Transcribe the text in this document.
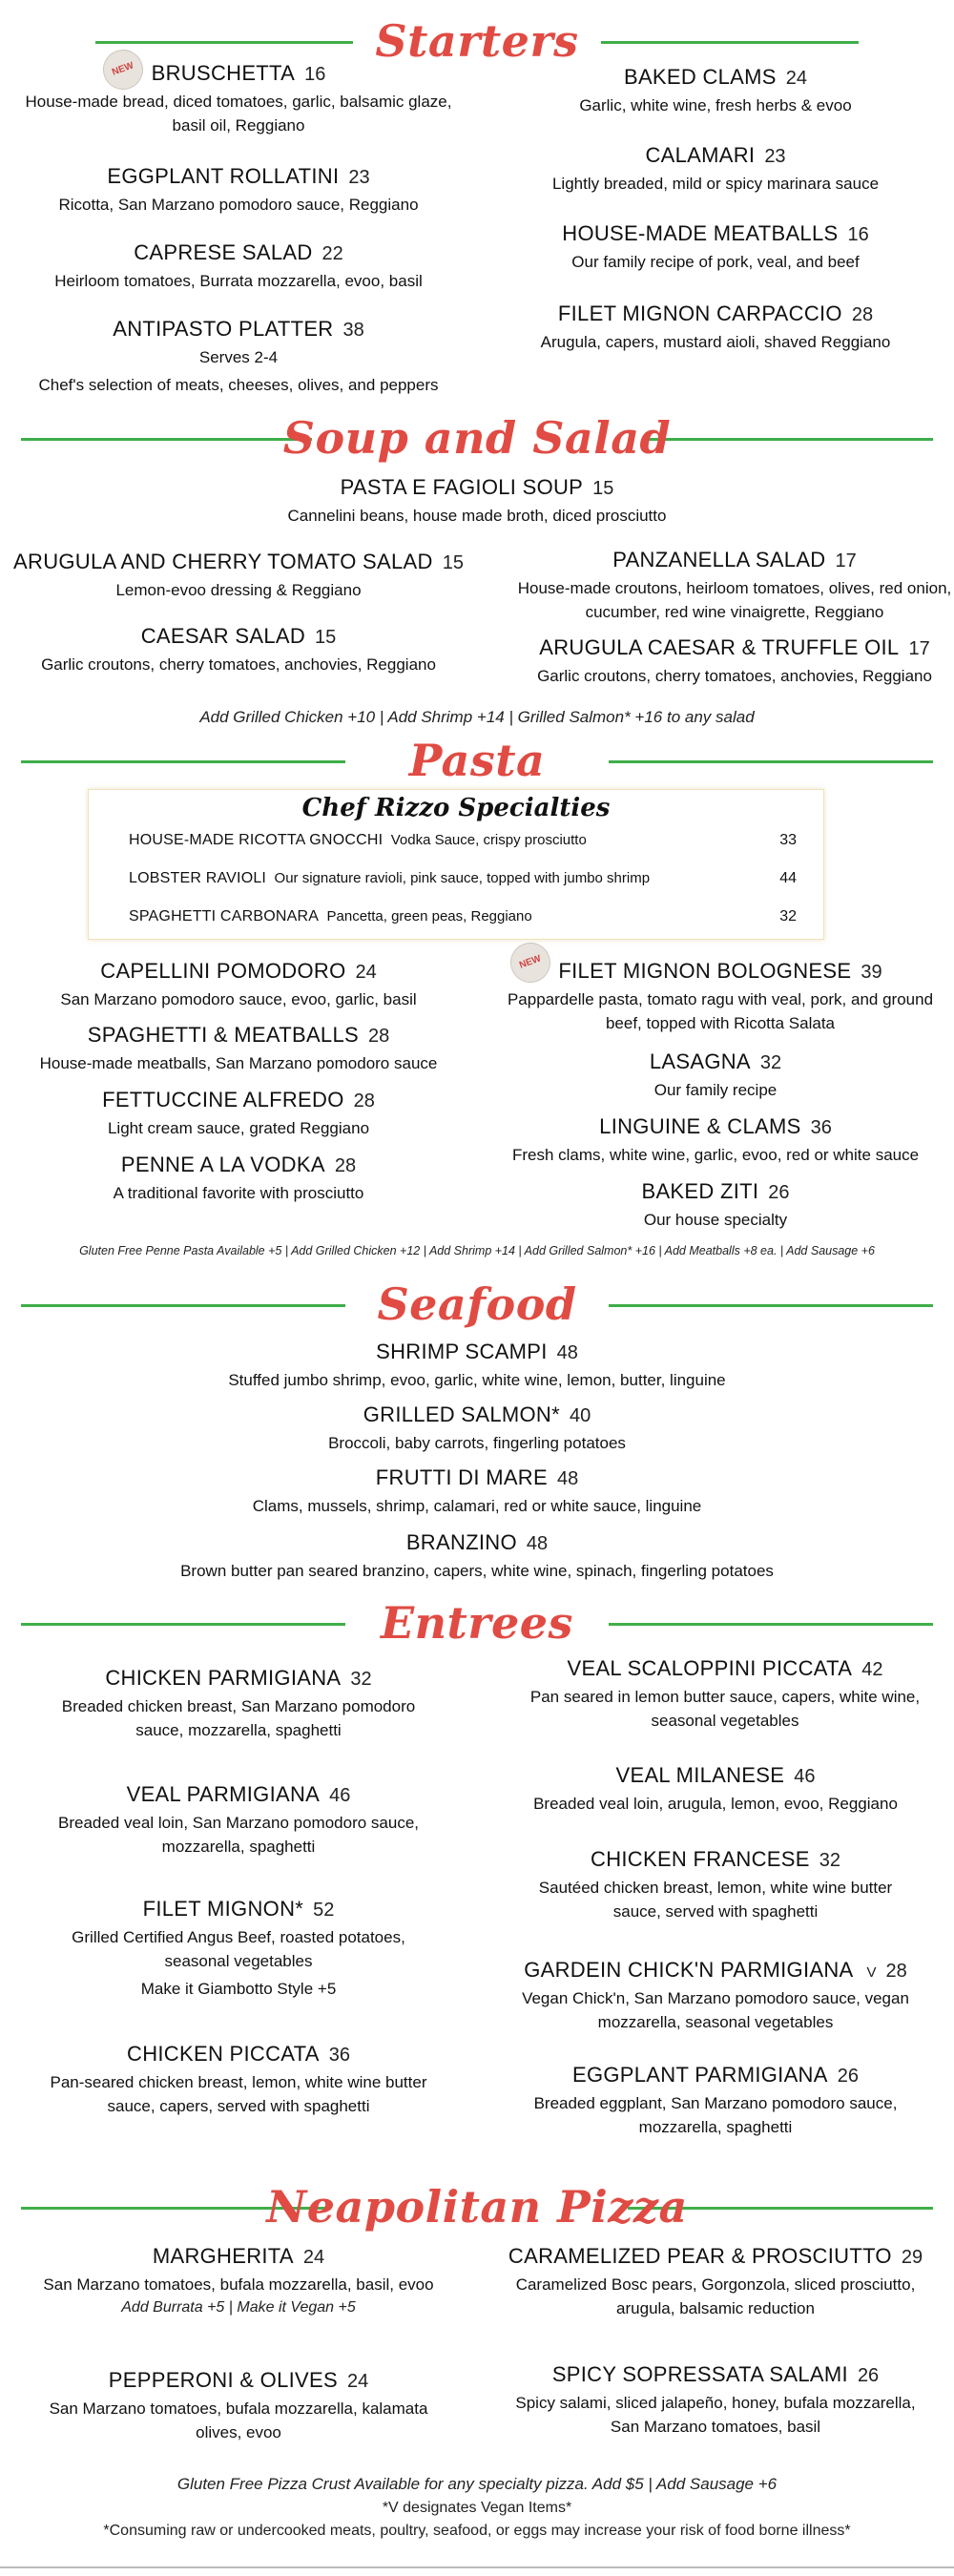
Starters
NEW BRUSCHETTA 16
House-made bread, diced tomatoes, garlic, balsamic glaze, basil oil, Reggiano
EGGPLANT ROLLATINI 23
Ricotta, San Marzano pomodoro sauce, Reggiano
CAPRESE SALAD 22
Heirloom tomatoes, Burrata mozzarella, evoo, basil
ANTIPASTO PLATTER 38
Serves 2-4
Chef's selection of meats, cheeses, olives, and peppers
BAKED CLAMS 24
Garlic, white wine, fresh herbs & evoo
CALAMARI 23
Lightly breaded, mild or spicy marinara sauce
HOUSE-MADE MEATBALLS 16
Our family recipe of pork, veal, and beef
FILET MIGNON CARPACCIO 28
Arugula, capers, mustard aioli, shaved Reggiano
Soup and Salad
PASTA E FAGIOLI SOUP 15
Cannelini beans, house made broth, diced prosciutto
ARUGULA AND CHERRY TOMATO SALAD 15
Lemon-evoo dressing & Reggiano
CAESAR SALAD 15
Garlic croutons, cherry tomatoes, anchovies, Reggiano
PANZANELLA SALAD 17
House-made croutons, heirloom tomatoes, olives, red onion, cucumber, red wine vinaigrette, Reggiano
ARUGULA CAESAR & TRUFFLE OIL 17
Garlic croutons, cherry tomatoes, anchovies, Reggiano
Add Grilled Chicken +10 | Add Shrimp +14 | Grilled Salmon* +16 to any salad
Pasta
Chef Rizzo Specialties
HOUSE-MADE RICOTTA GNOCCHI Vodka Sauce, crispy prosciutto	33
LOBSTER RAVIOLI Our signature ravioli, pink sauce, topped with jumbo shrimp	44
SPAGHETTI CARBONARA Pancetta, green peas, Reggiano	32
CAPELLINI POMODORO 24
San Marzano pomodoro sauce, evoo, garlic, basil
SPAGHETTI & MEATBALLS 28
House-made meatballs, San Marzano pomodoro sauce
FETTUCCINE ALFREDO 28
Light cream sauce, grated Reggiano
PENNE A LA VODKA 28
A traditional favorite with prosciutto
NEW FILET MIGNON BOLOGNESE 39
Pappardelle pasta, tomato ragu with veal, pork, and ground beef, topped with Ricotta Salata
LASAGNA 32
Our family recipe
LINGUINE & CLAMS 36
Fresh clams, white wine, garlic, evoo, red or white sauce
BAKED ZITI 26
Our house specialty
Gluten Free Penne Pasta Available +5 | Add Grilled Chicken +12 | Add Shrimp +14 | Add Grilled Salmon* +16 | Add Meatballs +8 ea. | Add Sausage +6
Seafood
SHRIMP SCAMPI 48
Stuffed jumbo shrimp, evoo, garlic, white wine, lemon, butter, linguine
GRILLED SALMON* 40
Broccoli, baby carrots, fingerling potatoes
FRUTTI DI MARE 48
Clams, mussels, shrimp, calamari, red or white sauce, linguine
BRANZINO 48
Brown butter pan seared branzino, capers, white wine, spinach, fingerling potatoes
Entrees
CHICKEN PARMIGIANA 32
Breaded chicken breast, San Marzano pomodoro sauce, mozzarella, spaghetti
VEAL PARMIGIANA 46
Breaded veal loin, San Marzano pomodoro sauce, mozzarella, spaghetti
FILET MIGNON* 52
Grilled Certified Angus Beef, roasted potatoes, seasonal vegetables
Make it Giambotto Style +5
CHICKEN PICCATA 36
Pan-seared chicken breast, lemon, white wine butter sauce, capers, served with spaghetti
VEAL SCALOPPINI PICCATA 42
Pan seared in lemon butter sauce, capers, white wine, seasonal vegetables
VEAL MILANESE 46
Breaded veal loin, arugula, lemon, evoo, Reggiano
CHICKEN FRANCESE 32
Sautéed chicken breast, lemon, white wine butter sauce, served with spaghetti
GARDEIN CHICK'N PARMIGIANA V 28
Vegan Chick'n, San Marzano pomodoro sauce, vegan mozzarella, seasonal vegetables
EGGPLANT PARMIGIANA 26
Breaded eggplant, San Marzano pomodoro sauce, mozzarella, spaghetti
Neapolitan Pizza
MARGHERITA 24
San Marzano tomatoes, bufala mozzarella, basil, evoo
Add Burrata +5 | Make it Vegan +5
PEPPERONI & OLIVES 24
San Marzano tomatoes, bufala mozzarella, kalamata olives, evoo
CARAMELIZED PEAR & PROSCIUTTO 29
Caramelized Bosc pears, Gorgonzola, sliced prosciutto, arugula, balsamic reduction
SPICY SOPRESSATA SALAMI 26
Spicy salami, sliced jalapeño, honey, bufala mozzarella, San Marzano tomatoes, basil
Gluten Free Pizza Crust Available for any specialty pizza. Add $5 | Add Sausage +6
*V designates Vegan Items*
*Consuming raw or undercooked meats, poultry, seafood, or eggs may increase your risk of food borne illness*
